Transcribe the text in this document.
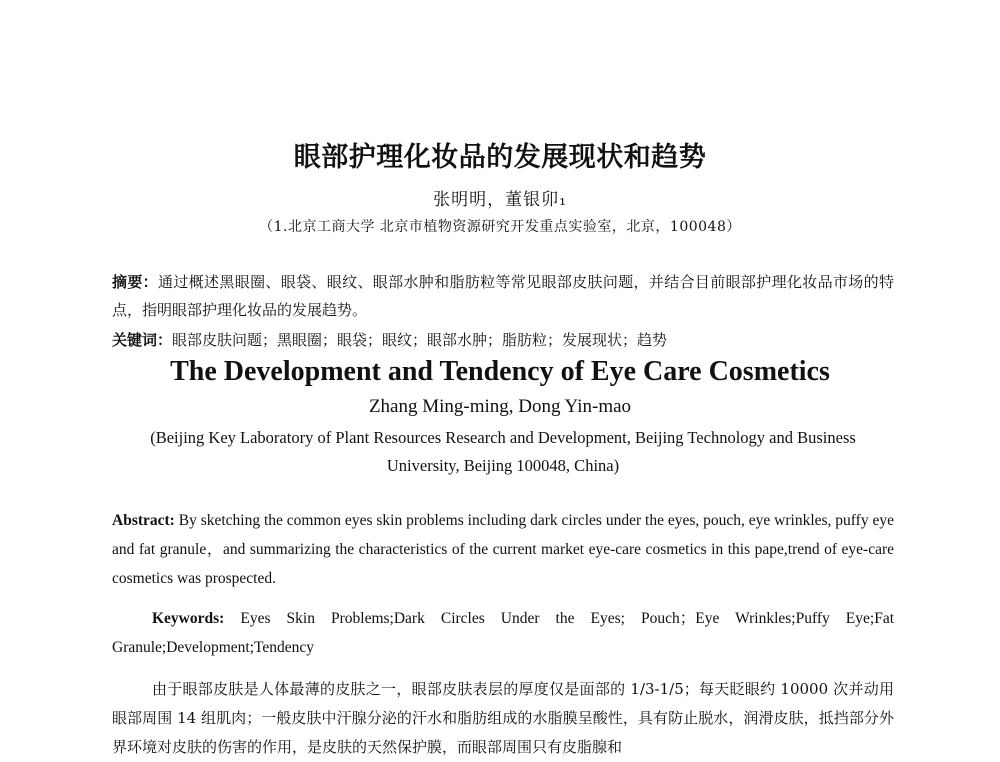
眼部护理化妆品的发展现状和趋势
张明明，董银卯₁
（1.北京工商大学 北京市植物资源研究开发重点实验室，北京，100048）
摘要：通过概述黑眼圈、眼袋、眼纹、眼部水肿和脂肪粒等常见眼部皮肤问题，并结合目前眼部护理化妆品市场的特点，指明眼部护理化妆品的发展趋势。
关键词：眼部皮肤问题；黑眼圈；眼袋；眼纹；眼部水肿；脂肪粒；发展现状；趋势
The Development and Tendency of Eye Care Cosmetics
Zhang Ming-ming, Dong Yin-mao
(Beijing Key Laboratory of Plant Resources Research and Development, Beijing Technology and Business University, Beijing 100048, China)
Abstract: By sketching the common eyes skin problems including dark circles under the eyes, pouch, eye wrinkles, puffy eye and fat granule，and summarizing the characteristics of the current market eye-care cosmetics in this pape,trend of eye-care cosmetics was prospected.
Keywords: Eyes Skin Problems;Dark Circles Under the Eyes; Pouch；Eye Wrinkles;Puffy Eye;Fat Granule;Development;Tendency
由于眼部皮肤是人体最薄的皮肤之一，眼部皮肤表层的厚度仅是面部的 1/3-1/5；每天眨眼约 10000 次并动用眼部周围 14 组肌肉；一般皮肤中汗腺分泌的汗水和脂肪组成的水脂膜呈酸性，具有防止脱水，润滑皮肤，抵挡部分外界环境对皮肤的伤害的作用，是皮肤的天然保护膜，而眼部周围只有皮脂腺和
